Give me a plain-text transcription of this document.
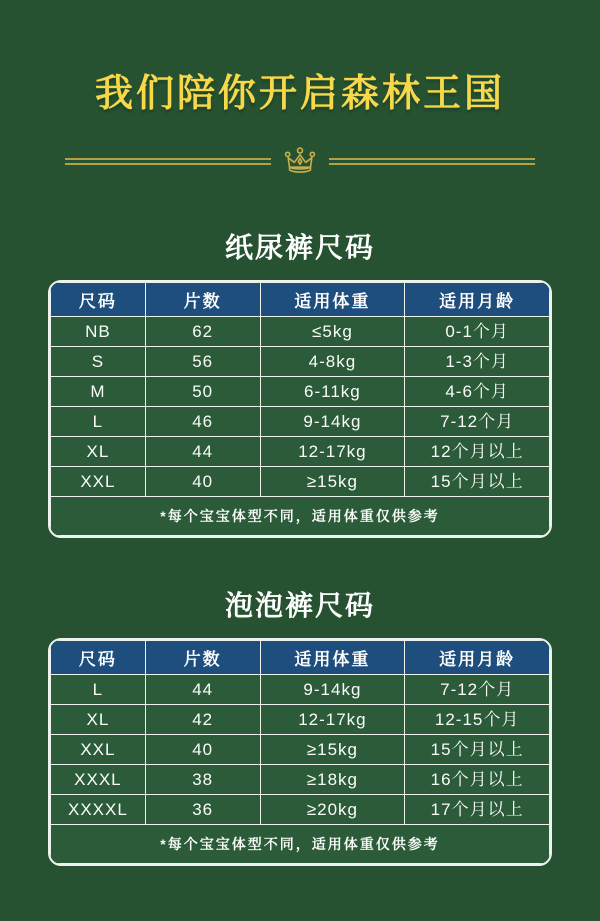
我们陪你开启森林王国
纸尿裤尺码
尺码	片数	适用体重	适用月龄
NB	62	≤5kg	0-1个月
S	56	4-8kg	1-3个月
M	50	6-11kg	4-6个月
L	46	9-14kg	7-12个月
XL	44	12-17kg	12个月以上
XXL	40	≥15kg	15个月以上
*每个宝宝体型不同，适用体重仅供参考			
泡泡裤尺码
尺码	片数	适用体重	适用月龄
L	44	9-14kg	7-12个月
XL	42	12-17kg	12-15个月
XXL	40	≥15kg	15个月以上
XXXL	38	≥18kg	16个月以上
XXXXL	36	≥20kg	17个月以上
*每个宝宝体型不同，适用体重仅供参考			
